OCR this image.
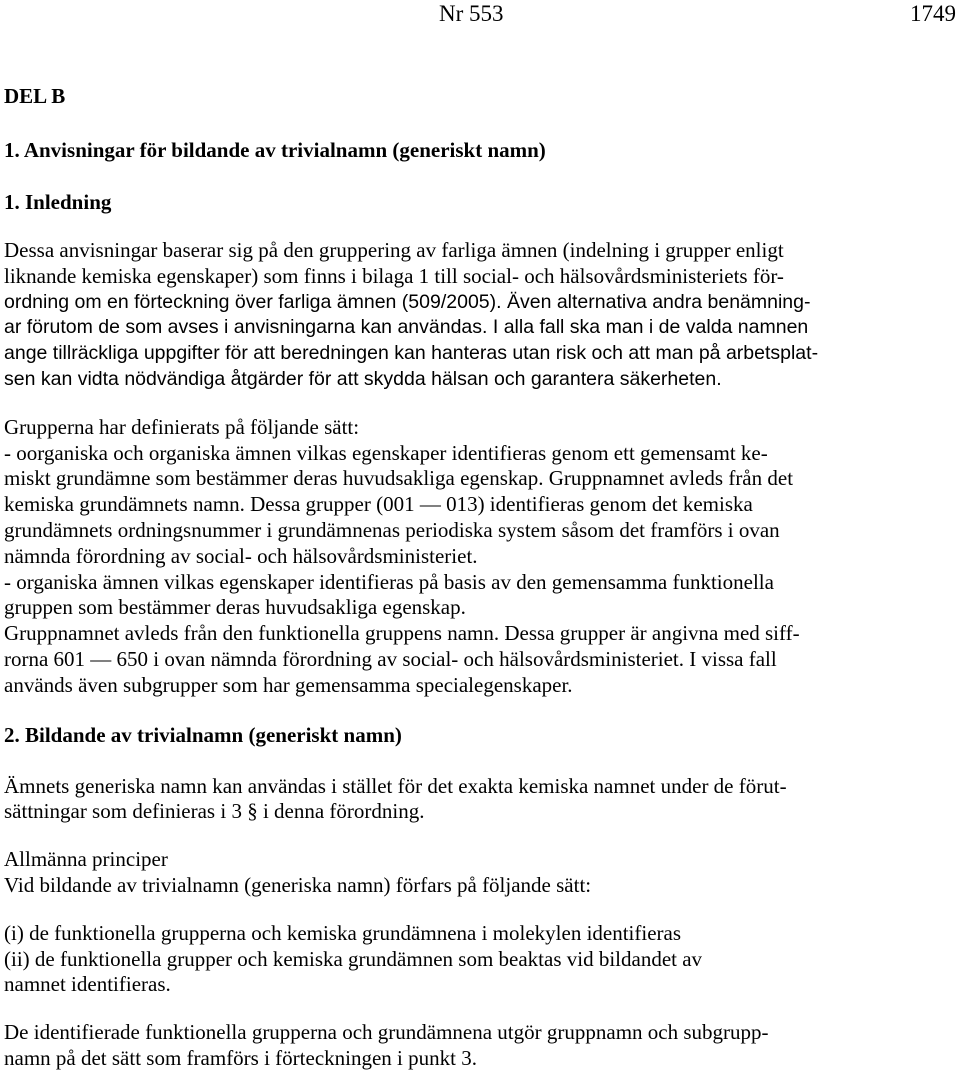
Nr 553	1749
DEL B
1. Anvisningar för bildande av trivialnamn (generiskt namn)
1. Inledning
Dessa anvisningar baserar sig på den gruppering av farliga ämnen (indelning i grupper enligt
liknande kemiska egenskaper) som finns i bilaga 1 till social- och hälsovårdsministeriets för-
ordning om en förteckning över farliga ämnen (509/2005). Även alternativa andra benämning-
ar förutom de som avses i anvisningarna kan användas. I alla fall ska man i de valda namnen
ange tillräckliga uppgifter för att beredningen kan hanteras utan risk och att man på arbetsplat-
sen kan vidta nödvändiga åtgärder för att skydda hälsan och garantera säkerheten.
Grupperna har definierats på följande sätt:
- oorganiska och organiska ämnen vilkas egenskaper identifieras genom ett gemensamt ke-
miskt grundämne som bestämmer deras huvudsakliga egenskap. Gruppnamnet avleds från det
kemiska grundämnets namn. Dessa grupper (001 — 013) identifieras genom det kemiska
grundämnets ordningsnummer i grundämnenas periodiska system såsom det framförs i ovan
nämnda förordning av social- och hälsovårdsministeriet.
- organiska ämnen vilkas egenskaper identifieras på basis av den gemensamma funktionella
gruppen som bestämmer deras huvudsakliga egenskap.
Gruppnamnet avleds från den funktionella gruppens namn. Dessa grupper är angivna med siff-
rorna 601 — 650 i ovan nämnda förordning av social- och hälsovårdsministeriet. I vissa fall
används även subgrupper som har gemensamma specialegenskaper.
2. Bildande av trivialnamn (generiskt namn)
Ämnets generiska namn kan användas i stället för det exakta kemiska namnet under de förut-
sättningar som definieras i 3 § i denna förordning.
Allmänna principer
Vid bildande av trivialnamn (generiska namn) förfars på följande sätt:
(i) de funktionella grupperna och kemiska grundämnena i molekylen identifieras
(ii) de funktionella grupper och kemiska grundämnen som beaktas vid bildandet av
namnet identifieras.
De identifierade funktionella grupperna och grundämnena utgör gruppnamn och subgrupp-
namn på det sätt som framförs i förteckningen i punkt 3.
